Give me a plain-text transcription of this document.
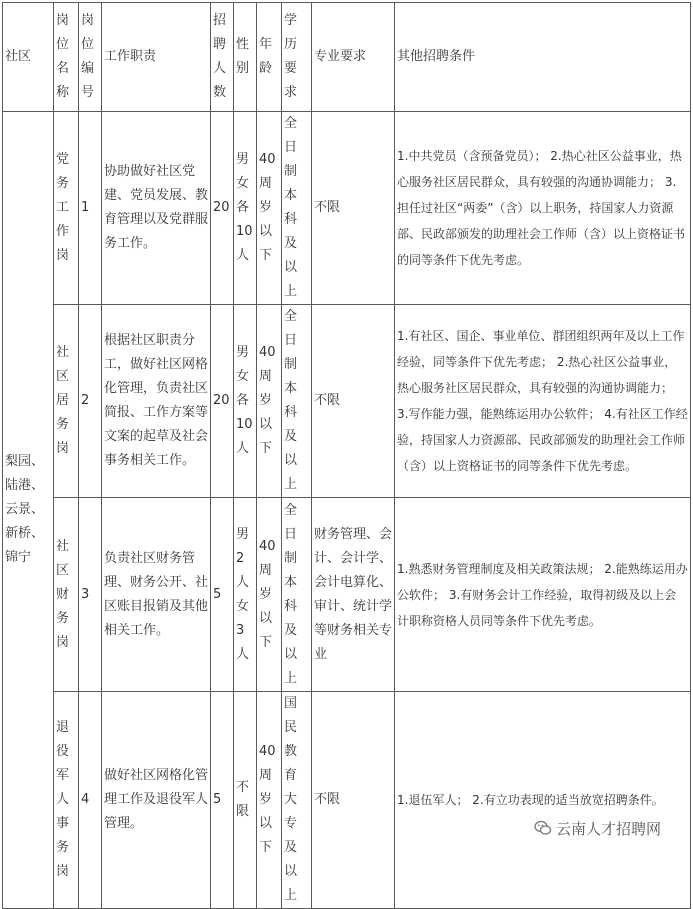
社区	岗位名称	岗位编号	工作职责	招聘人数	性别	年龄	学历要求	专业要求	其他招聘条件
梨园、陆港、云景、新桥、锦宁	党务工作岗	1	协助做好社区党建、党员发展、教育管理以及党群服务工作。	20	男女各10人	40周岁以下	全日制本科及以上	不限	1.中共党员（含预备党员）； 2.热心社区公益事业，热心服务社区居民群众，具有较强的沟通协调能力； 3.担任过社区“两委”（含）以上职务，持国家人力资源部、民政部颁发的助理社会工作师（含）以上资格证书的同等条件下优先考虑。
	社区居务岗	2	根据社区职责分工，做好社区网格化管理，负责社区简报、工作方案等文案的起草及社会事务相关工作。	20	男女各10人	40周岁以下	全日制本科及以上	不限	1.有社区、国企、事业单位、群团组织两年及以上工作经验，同等条件下优先考虑； 2.热心社区公益事业，热心服务社区居民群众，具有较强的沟通协调能力； 3.写作能力强，能熟练运用办公软件； 4.有社区工作经验，持国家人力资源部、民政部颁发的助理社会工作师（含）以上资格证书的同等条件下优先考虑。
	社区财务岗	3	负责社区财务管理、财务公开、社区账目报销及其他相关工作。	5	男2人女3人	40周岁以下	全日制本科及以上	财务管理、会计、会计学、会计电算化、审计、统计学等财务相关专业	1.熟悉财务管理制度及相关政策法规； 2.能熟练运用办公软件； 3.有财务会计工作经验，取得初级及以上会计职称资格人员同等条件下优先考虑。
	退役军人事务岗	4	做好社区网格化管理工作及退役军人管理。	5	不限	40周岁以下	国民教育大专及以上	不限	1.退伍军人； 2.有立功表现的适当放宽招聘条件。
云南人才招聘网
